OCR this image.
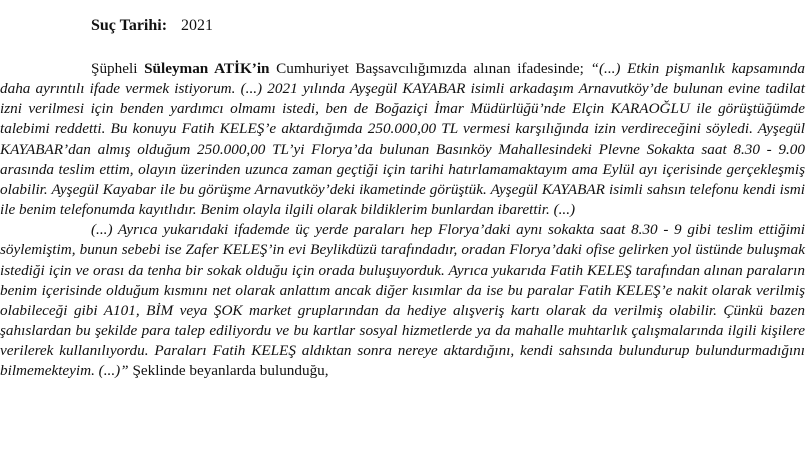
Suç Tarihi: 2021

Şüpheli Süleyman ATİK’in Cumhuriyet Başsavcılığımızda alınan ifadesinde; “(...) Etkin pişmanlık kapsamında daha ayrıntılı ifade vermek istiyorum. (...) 2021 yılında Ayşegül KAYABAR isimli arkadaşım Arnavutköy’de bulunan evine tadilat izni verilmesi için benden yardımcı olmamı istedi, ben de Boğaziçi İmar Müdürlüğü’nde Elçin KARAOĞLU ile görüştüğümde talebimi reddetti. Bu konuyu Fatih KELEŞ’e aktardığımda 250.000,00 TL vermesi karşılığında izin verdireceğini söyledi. Ayşegül KAYABAR’dan almış olduğum 250.000,00 TL’yi Florya’da bulunan Basınköy Mahallesindeki Plevne Sokakta saat 8.30 - 9.00 arasında teslim ettim, olayın üzerinden uzunca zaman geçtiği için tarihi hatırlamamaktayım ama Eylül ayı içerisinde gerçekleşmiş olabilir. Ayşegül Kayabar ile bu görüşme Arnavutköy’deki ikametinde görüştük. Ayşegül KAYABAR isimli sahsın telefonu kendi ismi ile benim telefonumda kayıtlıdır. Benim olayla ilgili olarak bildiklerim bunlardan ibarettir. (...)

(...) Ayrıca yukarıdaki ifademde üç yerde paraları hep Florya’daki aynı sokakta saat 8.30 - 9 gibi teslim ettiğimi söylemiştim, bunun sebebi ise Zafer KELEŞ’in evi Beylikdüzü tarafındadır, oradan Florya’daki ofise gelirken yol üstünde buluşmak istediği için ve orası da tenha bir sokak olduğu için orada buluşuyorduk. Ayrıca yukarıda Fatih KELEŞ tarafından alınan paraların benim içerisinde olduğum kısmını net olarak anlattım ancak diğer kısımlar da ise bu paralar Fatih KELEŞ’e nakit olarak verilmiş olabileceği gibi A101, BİM veya ŞOK market gruplarından da hediye alışveriş kartı olarak da verilmiş olabilir. Çünkü bazen şahıslardan bu şekilde para talep ediliyordu ve bu kartlar sosyal hizmetlerde ya da mahalle muhtarlık çalışmalarında ilgili kişilere verilerek kullanılıyordu. Paraları Fatih KELEŞ aldıktan sonra nereye aktardığını, kendi sahsında bulundurup bulundurmadığını bilmemekteyim. (...)” Şeklinde beyanlarda bulunduğu,
